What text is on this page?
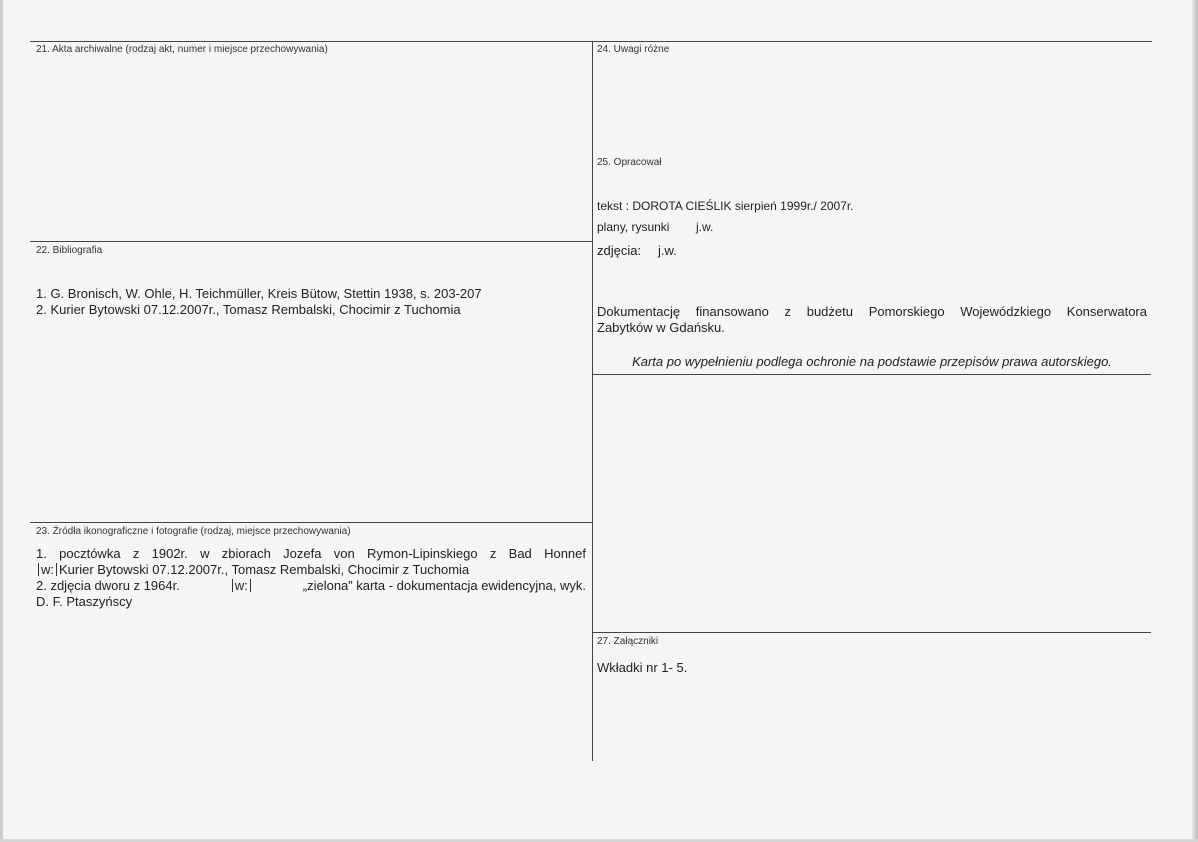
21. Akta archiwalne (rodzaj akt, numer i miejsce przechowywania)
22. Bibliografia
1. G. Bronisch, W. Ohle, H. Teichmüller, Kreis Bütow, Stettin 1938, s. 203-207
2. Kurier Bytowski 07.12.2007r., Tomasz Rembalski, Chocimir z Tuchomia
23. Źródła ikonograficzne i fotografie (rodzaj, miejsce przechowywania)
1. pocztówka z 1902r. w zbiorach Jozefa von Rymon-Lipinskiego z Bad Honnef
w: Kurier Bytowski 07.12.2007r., Tomasz Rembalski, Chocimir z Tuchomia
2. zdjęcia dworu z 1964r.	w:	„zielona” karta - dokumentacja ewidencyjna, wyk.
D. F. Ptaszyńscy
24. Uwagi różne
25. Opracował
tekst : DOROTA CIEŚLIK sierpień 1999r./ 2007r.
plany, rysunki j.w.
zdjęcia: j.w.
Dokumentację finansowano z budżetu Pomorskiego Wojewódzkiego Konserwatora
Zabytków w Gdańsku.
Karta po wypełnieniu podlega ochronie na podstawie przepisów prawa autorskiego.
27. Załączniki
Wkładki nr 1- 5.
